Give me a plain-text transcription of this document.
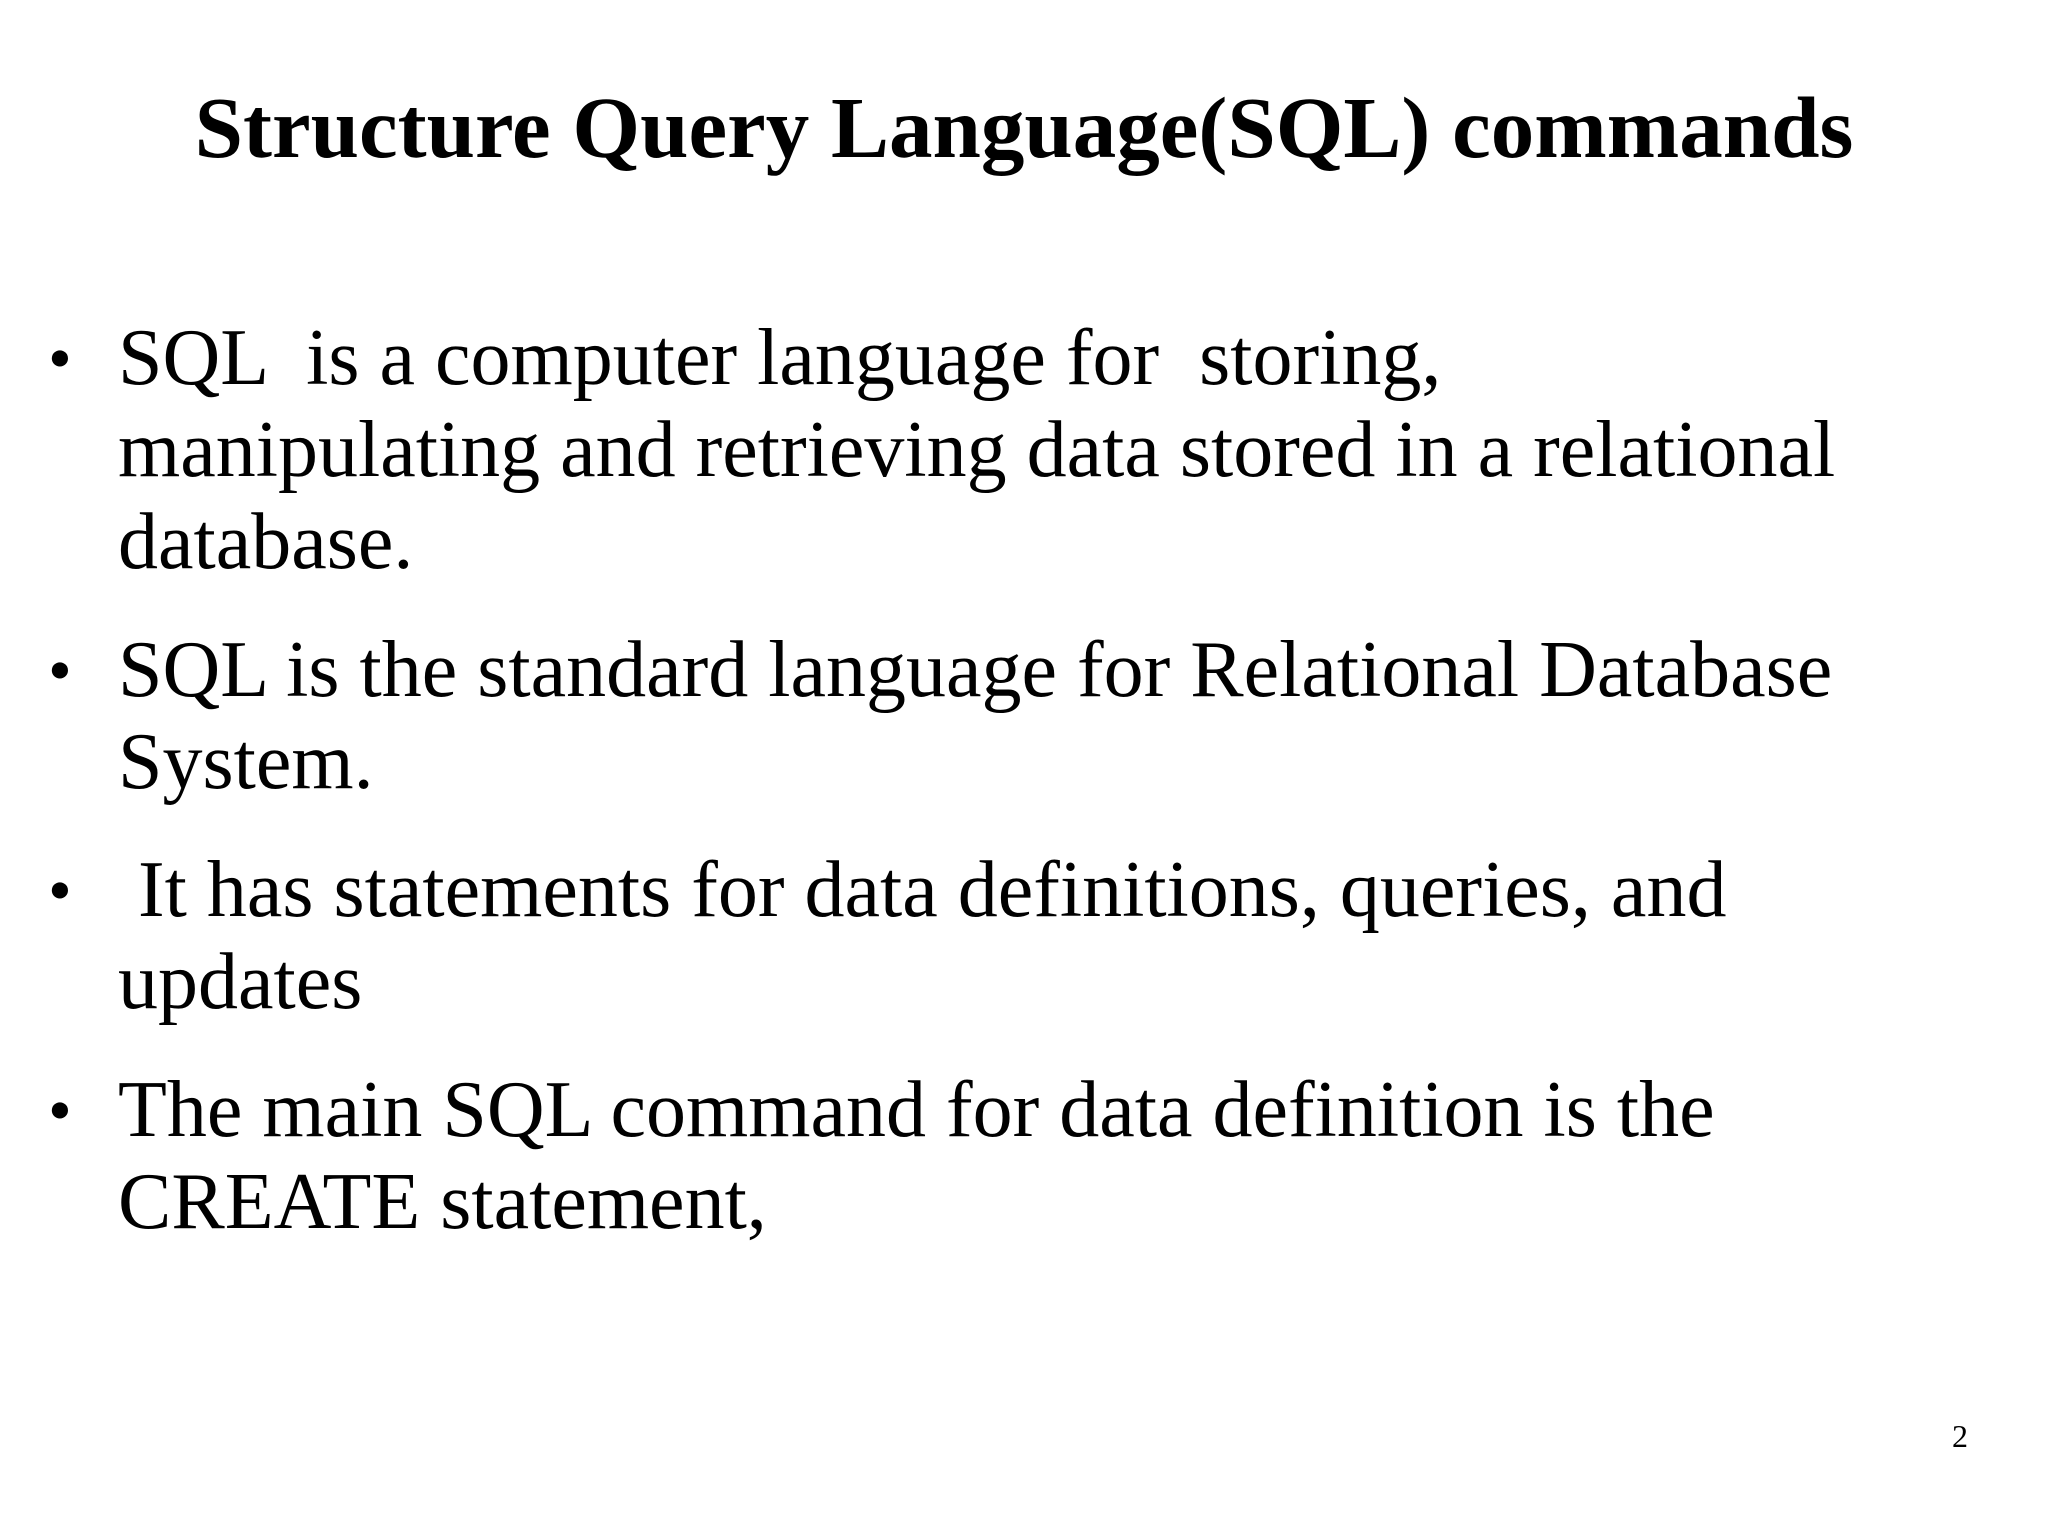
Structure Query Language(SQL) commands
• SQL  is a computer language for  storing,
manipulating and retrieving data stored in a relational
database.
• SQL is the standard language for Relational Database
System.
• It has statements for data definitions, queries, and
updates
• The main SQL command for data definition is the
CREATE statement,
2
